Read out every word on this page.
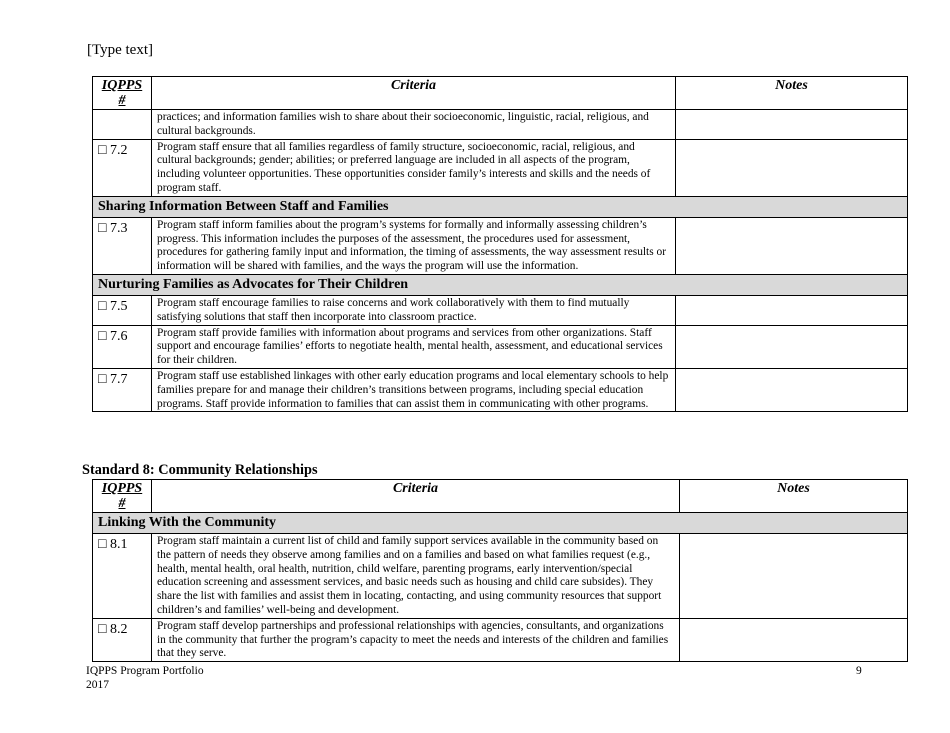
[Type text]
IQPPS
#	Criteria	Notes
	practices; and information families wish to share about their socioeconomic, linguistic, racial, religious, and cultural backgrounds.	
□ 7.2	Program staff ensure that all families regardless of family structure, socioeconomic, racial, religious, and cultural backgrounds; gender; abilities; or preferred language are included in all aspects of the program, including volunteer opportunities. These opportunities consider family’s interests and skills and the needs of program staff.	
Sharing Information Between Staff and Families		
□ 7.3	Program staff inform families about the program’s systems for formally and informally assessing children’s progress. This information includes the purposes of the assessment, the procedures used for assessment, procedures for gathering family input and information, the timing of assessments, the way assessment results or information will be shared with families, and the ways the program will use the information.	
Nurturing Families as Advocates for Their Children		
□ 7.5	Program staff encourage families to raise concerns and work collaboratively with them to find mutually satisfying solutions that staff then incorporate into classroom practice.	
□ 7.6	Program staff provide families with information about programs and services from other organizations. Staff support and encourage families’ efforts to negotiate health, mental health, assessment, and educational services for their children.	
□ 7.7	Program staff use established linkages with other early education programs and local elementary schools to help families prepare for and manage their children’s transitions between programs, including special education programs. Staff provide information to families that can assist them in communicating with other programs.	
Standard 8: Community Relationships
IQPPS
#	Criteria	Notes
Linking With the Community		
□ 8.1	Program staff maintain a current list of child and family support services available in the community based on the pattern of needs they observe among families and on a families and based on what families request (e.g., health, mental health, oral health, nutrition, child welfare, parenting programs, early intervention/special education screening and assessment services, and basic needs such as housing and child care subsides). They share the list with families and assist them in locating, contacting, and using community resources that support children’s and families’ well-being and development.	
□ 8.2	Program staff develop partnerships and professional relationships with agencies, consultants, and organizations in the community that further the program’s capacity to meet the needs and interests of the children and families that they serve.	
IQPPS Program Portfolio
2017
9
